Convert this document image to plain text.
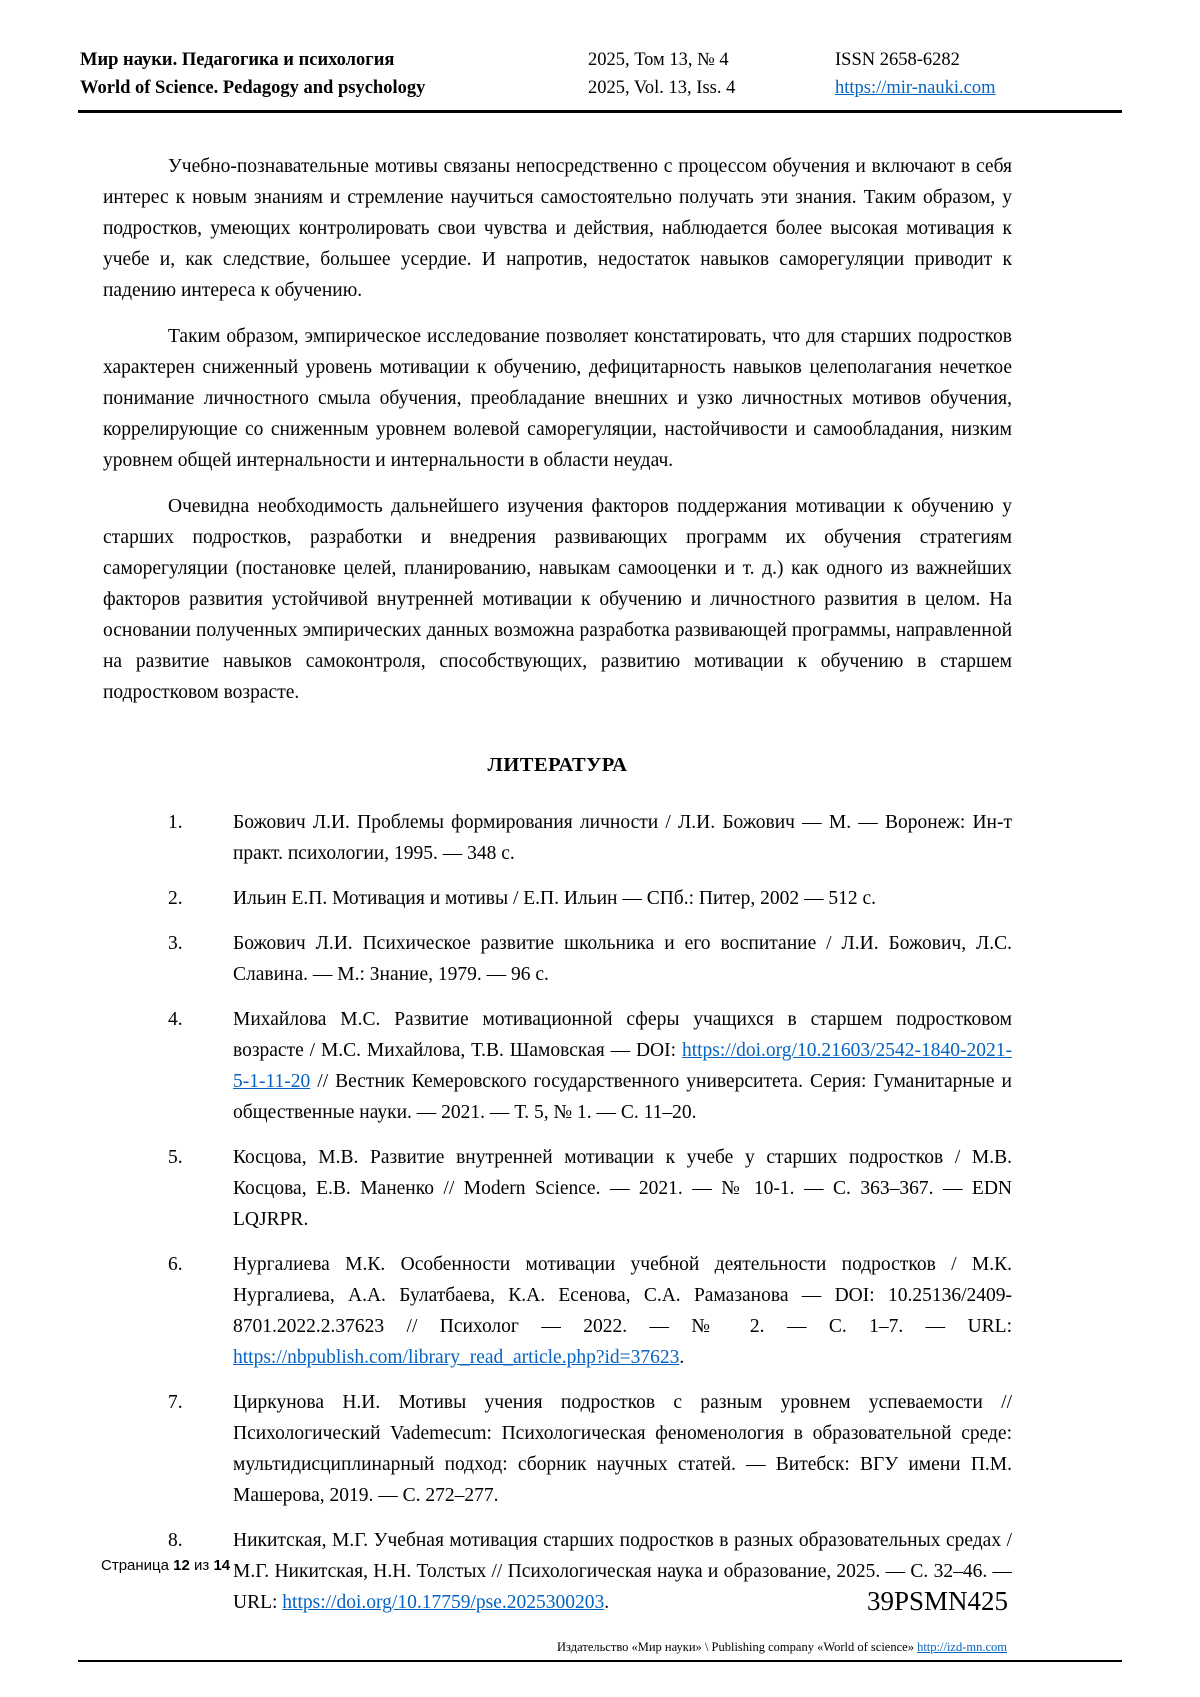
Мир науки. Педагогика и психология
World of Science. Pedagogy and psychology
2025, Том 13, № 4
2025, Vol. 13, Iss. 4
ISSN 2658-6282
https://mir-nauki.com

Учебно-познавательные мотивы связаны непосредственно с процессом обучения и включают в себя интерес к новым знаниям и стремление научиться самостоятельно получать эти знания. Таким образом, у подростков, умеющих контролировать свои чувства и действия, наблюдается более высокая мотивация к учебе и, как следствие, большее усердие. И напротив, недостаток навыков саморегуляции приводит к падению интереса к обучению.

Таким образом, эмпирическое исследование позволяет констатировать, что для старших подростков характерен сниженный уровень мотивации к обучению, дефицитарность навыков целеполагания нечеткое понимание личностного смыла обучения, преобладание внешних и узко личностных мотивов обучения, коррелирующие со сниженным уровнем волевой саморегуляции, настойчивости и самообладания, низким уровнем общей интернальности и интернальности в области неудач.

Очевидна необходимость дальнейшего изучения факторов поддержания мотивации к обучению у старших подростков, разработки и внедрения развивающих программ их обучения стратегиям саморегуляции (постановке целей, планированию, навыкам самооценки и т. д.) как одного из важнейших факторов развития устойчивой внутренней мотивации к обучению и личностного развития в целом. На основании полученных эмпирических данных возможна разработка развивающей программы, направленной на развитие навыков самоконтроля, способствующих, развитию мотивации к обучению в старшем подростковом возрасте.

ЛИТЕРАТУРА
1.	Божович Л.И. Проблемы формирования личности / Л.И. Божович — М. — Воронеж: Ин-т практ. психологии, 1995. — 348 с.
2.	Ильин Е.П. Мотивация и мотивы / Е.П. Ильин — СПб.: Питер, 2002 — 512 с.
3.	Божович Л.И. Психическое развитие школьника и его воспитание / Л.И. Божович, Л.С. Славина. — М.: Знание, 1979. — 96 с.
4.	Михайлова М.С. Развитие мотивационной сферы учащихся в старшем подростковом возрасте / М.С. Михайлова, Т.В. Шамовская — DOI: https://doi.org/10.21603/2542-1840-2021-5-1-11-20 // Вестник Кемеровского государственного университета. Серия: Гуманитарные и общественные науки. — 2021. — Т. 5, № 1. — С. 11–20.
5.	Косцова, М.В. Развитие внутренней мотивации к учебе у старших подростков / М.В. Косцова, Е.В. Маненко // Modern Science. — 2021. — № 10-1. — С. 363–367. — EDN LQJRPR.
6.	Нургалиева М.К. Особенности мотивации учебной деятельности подростков / М.К. Нургалиева, А.А. Булатбаева, К.А. Есенова, С.А. Рамазанова — DOI: 10.25136/2409-8701.2022.2.37623 // Психолог — 2022. — № 2. — С. 1–7. — URL: https://nbpublish.com/library_read_article.php?id=37623.
7.	Циркунова Н.И. Мотивы учения подростков с разным уровнем успеваемости // Психологический Vademecum: Психологическая феноменология в образовательной среде: мультидисциплинарный подход: сборник научных статей. — Витебск: ВГУ имени П.М. Машерова, 2019. — С. 272–277.
8.	Никитская, М.Г. Учебная мотивация старших подростков в разных образовательных средах / М.Г. Никитская, Н.Н. Толстых // Психологическая наука и образование, 2025. — С. 32–46. — URL: https://doi.org/10.17759/pse.2025300203.
Страница 12 из 14
39PSMN425
Издательство «Мир науки» \ Publishing company «World of science» http://izd-mn.com
